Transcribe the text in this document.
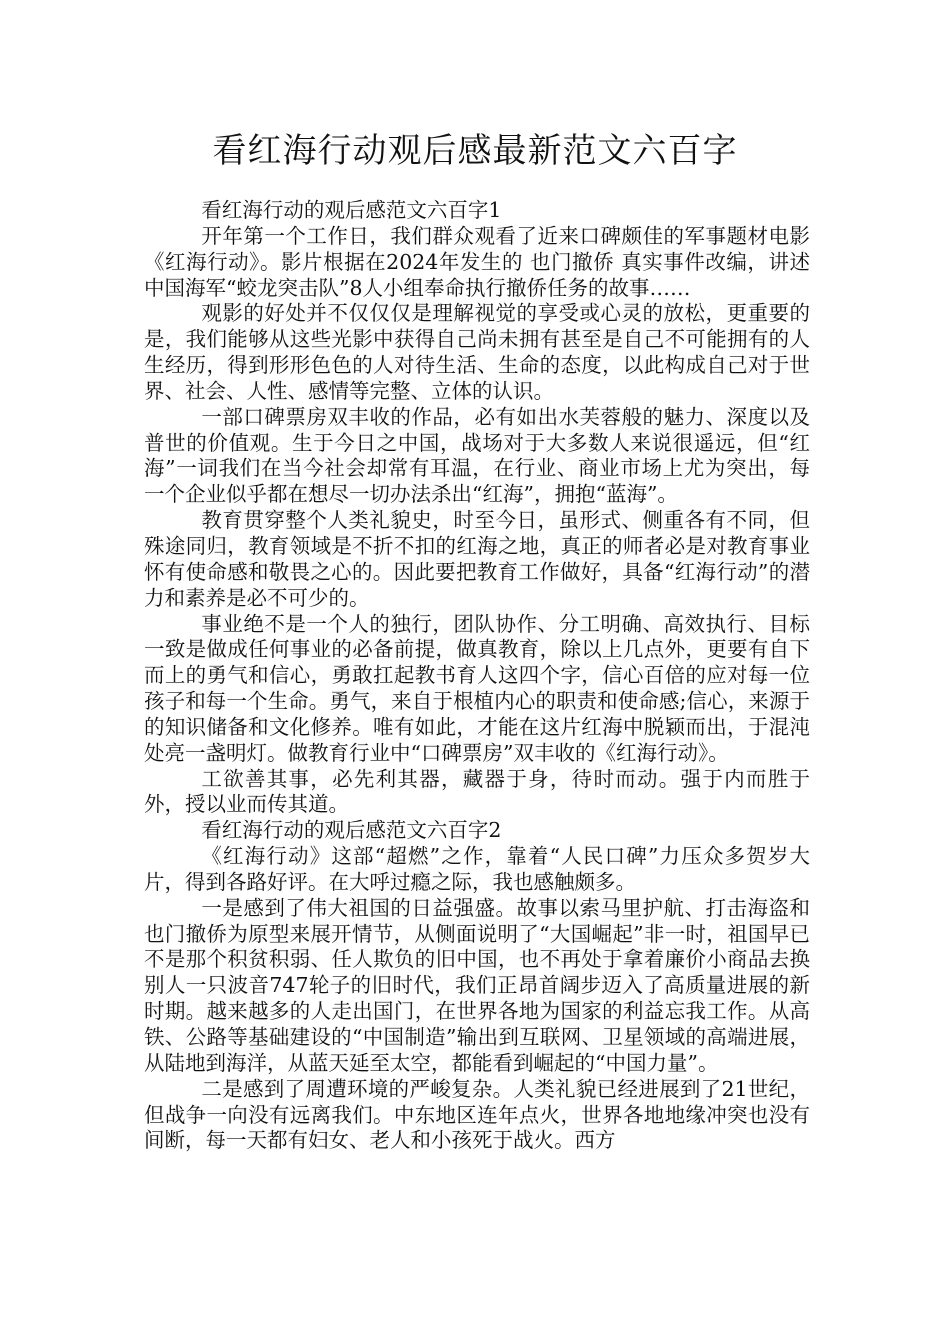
看红海行动观后感最新范文六百字

看红海行动的观后感范文六百字1

开年第一个工作日，我们群众观看了近来口碑颇佳的军事题材电影《红海行动》。影片根据在2024年发生的 也门撤侨 真实事件改编，讲述中国海军“蛟龙突击队”8人小组奉命执行撤侨任务的故事……

观影的好处并不仅仅仅是理解视觉的享受或心灵的放松，更重要的是，我们能够从这些光影中获得自己尚未拥有甚至是自己不可能拥有的人生经历，得到形形色色的人对待生活、生命的态度，以此构成自己对于世界、社会、人性、感情等完整、立体的认识。

一部口碑票房双丰收的作品，必有如出水芙蓉般的魅力、深度以及普世的价值观。生于今日之中国，战场对于大多数人来说很遥远，但“红海”一词我们在当今社会却常有耳温，在行业、商业市场上尤为突出，每一个企业似乎都在想尽一切办法杀出“红海”，拥抱“蓝海”。

教育贯穿整个人类礼貌史，时至今日，虽形式、侧重各有不同，但殊途同归，教育领域是不折不扣的红海之地，真正的师者必是对教育事业怀有使命感和敬畏之心的。因此要把教育工作做好，具备“红海行动”的潜力和素养是必不可少的。

事业绝不是一个人的独行，团队协作、分工明确、高效执行、目标一致是做成任何事业的必备前提，做真教育，除以上几点外，更要有自下而上的勇气和信心，勇敢扛起教书育人这四个字，信心百倍的应对每一位孩子和每一个生命。勇气，来自于根植内心的职责和使命感;信心，来源于的知识储备和文化修养。唯有如此，才能在这片红海中脱颖而出，于混沌处亮一盏明灯。做教育行业中“口碑票房”双丰收的《红海行动》。

工欲善其事，必先利其器，藏器于身，待时而动。强于内而胜于外，授以业而传其道。

看红海行动的观后感范文六百字2

《红海行动》这部“超燃”之作，靠着“人民口碑”力压众多贺岁大片，得到各路好评。在大呼过瘾之际，我也感触颇多。

一是感到了伟大祖国的日益强盛。故事以索马里护航、打击海盗和也门撤侨为原型来展开情节，从侧面说明了“大国崛起”非一时，祖国早已不是那个积贫积弱、任人欺负的旧中国，也不再处于拿着廉价小商品去换别人一只波音747轮子的旧时代，我们正昂首阔步迈入了高质量进展的新时期。越来越多的人走出国门，在世界各地为国家的利益忘我工作。从高铁、公路等基础建设的“中国制造”输出到互联网、卫星领域的高端进展，从陆地到海洋，从蓝天延至太空，都能看到崛起的“中国力量”。

二是感到了周遭环境的严峻复杂。人类礼貌已经进展到了21世纪，但战争一向没有远离我们。中东地区连年点火，世界各地地缘冲突也没有间断，每一天都有妇女、老人和小孩死于战火。西方
